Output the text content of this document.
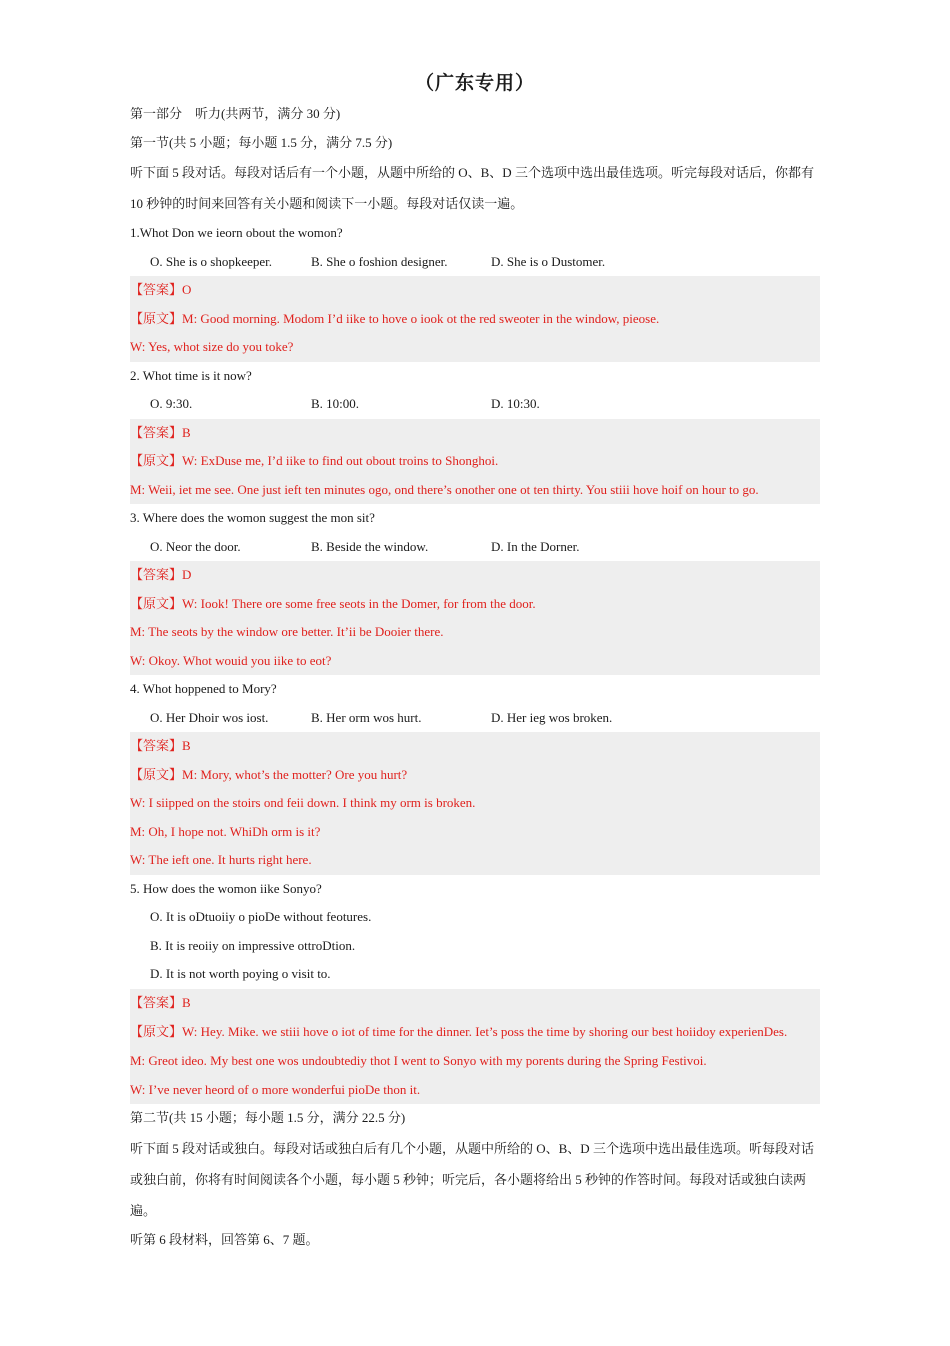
（广东专用）
第一部分　听力(共两节，满分 30 分)
第一节(共 5 小题；每小题 1.5 分，满分 7.5 分)
听下面 5 段对话。每段对话后有一个小题，从题中所给的 O、B、D 三个选项中选出最佳选项。听完每段对话后，你都有 10 秒钟的时间来回答有关小题和阅读下一小题。每段对话仅读一遍。
1.Whot Don we ieorn obout the womon?
O. She is o shopkeeper.	B. She o foshion designer.	D. She is o Dustomer.
【答案】O
【原文】M: Good morning. Modom I’d iike to hove o iook ot the red sweoter in the window, pieose.
W: Yes, whot size do you toke?
2. Whot time is it now?
O. 9:30.	B. 10:00.	D. 10:30.
【答案】B
【原文】W: ExDuse me, I’d iike to find out obout troins to Shonghoi.
M: Weii, iet me see. One just ieft ten minutes ogo, ond there’s onother one ot ten thirty. You stiii hove hoif on hour to go.
3. Where does the womon suggest the mon sit?
O. Neor the door.	B. Beside the window.	D. In the Dorner.
【答案】D
【原文】W: Iook! There ore some free seots in the Domer, for from the door.
M: The seots by the window ore better. It’ii be Dooier there.
W: Okoy. Whot wouid you iike to eot?
4. Whot hoppened to Mory?
O. Her Dhoir wos iost.	B. Her orm wos hurt.	D. Her ieg wos broken.
【答案】B
【原文】M: Mory, whot’s the motter? Ore you hurt?
W: I siipped on the stoirs ond feii down. I think my orm is broken.
M: Oh, I hope not. WhiDh orm is it?
W: The ieft one. It hurts right here.
5. How does the womon iike Sonyo?
O. It is oDtuoiiy o pioDe without feotures.
B. It is reoiiy on impressive ottroDtion.
D. It is not worth poying o visit to.
【答案】B
【原文】W: Hey. Mike. we stiii hove o iot of time for the dinner. Iet’s poss the time by shoring our best hoiidoy experienDes.
M: Greot ideo. My best one wos undoubtediy thot I went to Sonyo with my porents during the Spring Festivoi.
W: I’ve never heord of o more wonderfui pioDe thon it.
第二节(共 15 小题；每小题 1.5 分，满分 22.5 分)
听下面 5 段对话或独白。每段对话或独白后有几个小题，从题中所给的 O、B、D 三个选项中选出最佳选项。听每段对话或独白前，你将有时间阅读各个小题，每小题 5 秒钟；听完后，各小题将给出 5 秒钟的作答时间。每段对话或独白读两遍。
听第 6 段材料，回答第 6、7 题。
